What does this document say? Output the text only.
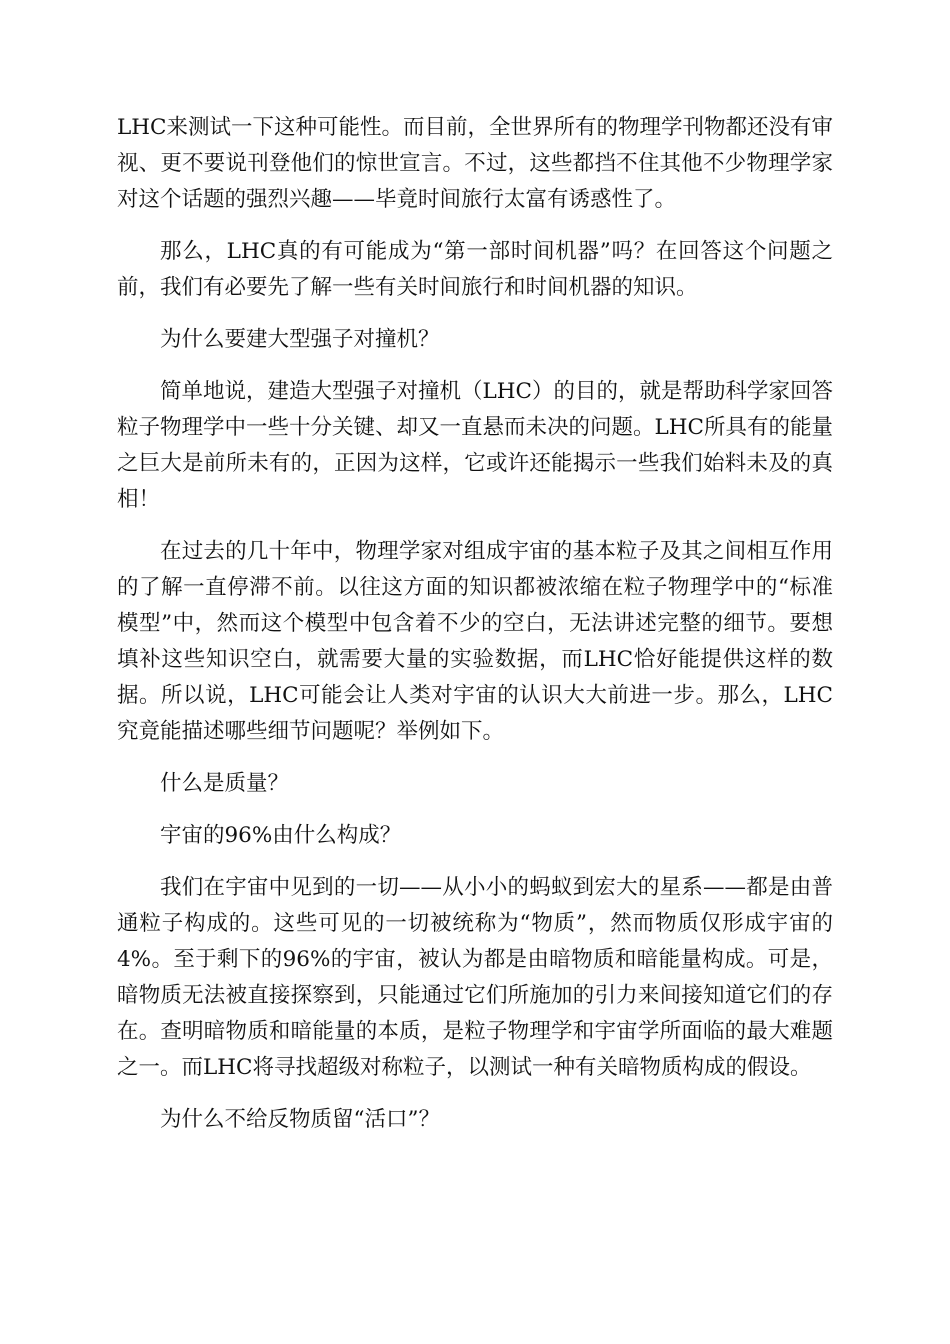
LHC来测试一下这种可能性。而目前，全世界所有的物理学刊物都还没有审视、更不要说刊登他们的惊世宣言。不过，这些都挡不住其他不少物理学家对这个话题的强烈兴趣——毕竟时间旅行太富有诱惑性了。

那么，LHC真的有可能成为“第一部时间机器”吗？在回答这个问题之前，我们有必要先了解一些有关时间旅行和时间机器的知识。

为什么要建大型强子对撞机？

简单地说，建造大型强子对撞机（LHC）的目的，就是帮助科学家回答粒子物理学中一些十分关键、却又一直悬而未决的问题。LHC所具有的能量之巨大是前所未有的，正因为这样，它或许还能揭示一些我们始料未及的真相！

在过去的几十年中，物理学家对组成宇宙的基本粒子及其之间相互作用的了解一直停滞不前。以往这方面的知识都被浓缩在粒子物理学中的“标准模型”中，然而这个模型中包含着不少的空白，无法讲述完整的细节。要想填补这些知识空白，就需要大量的实验数据，而LHC恰好能提供这样的数据。所以说，LHC可能会让人类对宇宙的认识大大前进一步。那么，LHC究竟能描述哪些细节问题呢？举例如下。

什么是质量？

宇宙的96%由什么构成？

我们在宇宙中见到的一切——从小小的蚂蚁到宏大的星系——都是由普通粒子构成的。这些可见的一切被统称为“物质”，然而物质仅形成宇宙的4%。至于剩下的96%的宇宙，被认为都是由暗物质和暗能量构成。可是，暗物质无法被直接探察到，只能通过它们所施加的引力来间接知道它们的存在。查明暗物质和暗能量的本质，是粒子物理学和宇宙学所面临的最大难题之一。而LHC将寻找超级对称粒子，以测试一种有关暗物质构成的假设。

为什么不给反物质留“活口”？
